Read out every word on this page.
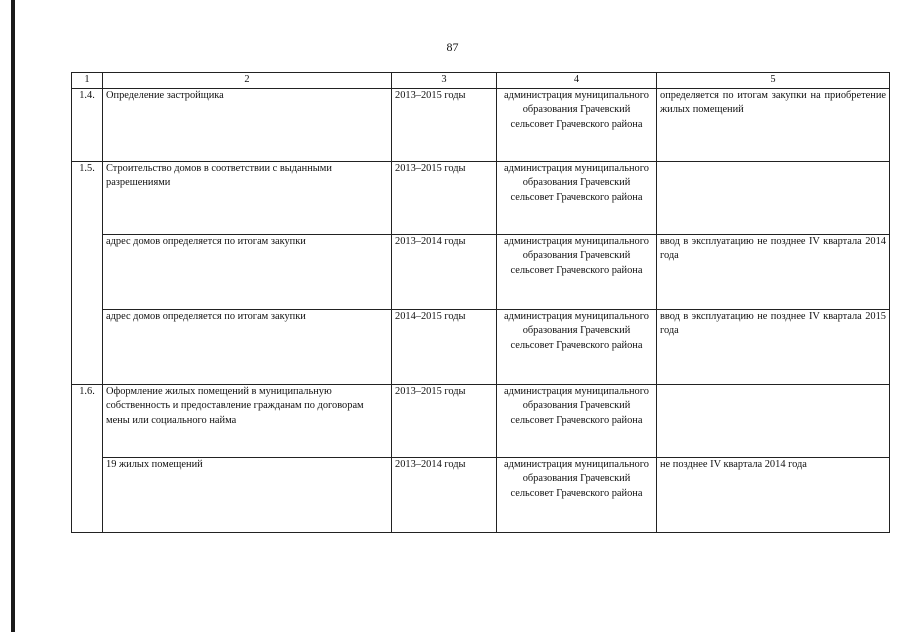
87
1	2	3	4	5
1.4.	Определение застройщика	2013–2015 годы	администрация муниципального образования Грачевский сельсовет Грачевского района	определяется по итогам закупки на приобретение жилых помещений
1.5.	Строительство домов в соответствии с выданными разрешениями	2013–2015 годы	администрация муниципального образования Грачевский сельсовет Грачевского района	
	адрес домов определяется по итогам закупки	2013–2014 годы	администрация муниципального образования Грачевский сельсовет Грачевского района	ввод в эксплуатацию не позднее IV квартала 2014 года
	адрес домов определяется по итогам закупки	2014–2015 годы	администрация муниципального образования Грачевский сельсовет Грачевского района	ввод в эксплуатацию не позднее IV квартала 2015 года
1.6.	Оформление жилых помещений в муниципальную собственность и предоставление гражданам по договорам мены или социального найма	2013–2015 годы	администрация муниципального образования Грачевский сельсовет Грачевского района	
	19 жилых помещений	2013–2014 годы	администрация муниципального образования Грачевский сельсовет Грачевского района	не позднее IV квартала 2014 года
